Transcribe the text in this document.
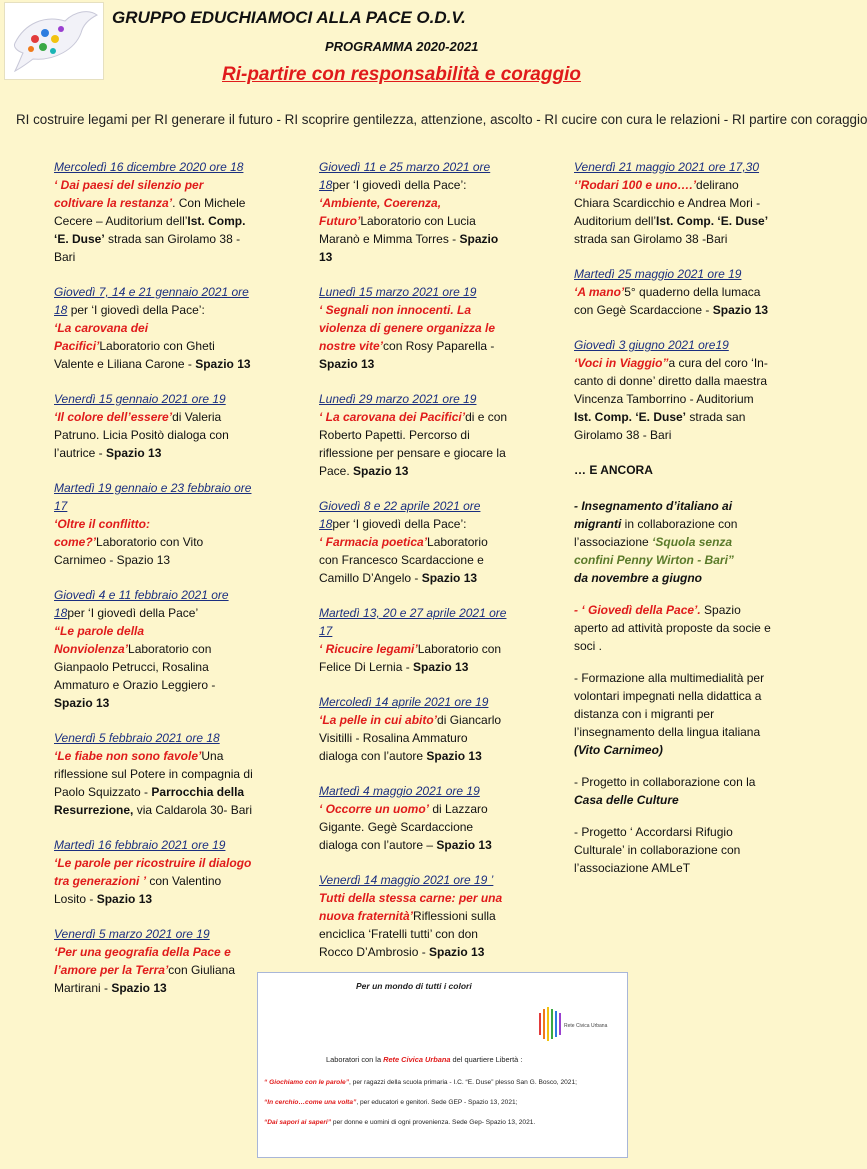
GRUPPO EDUCHIAMOCI ALLA PACE O.D.V.
PROGRAMMA 2020-2021
Ri-partire con responsabilità e coraggio
RI costruire legami per RI generare il futuro - RI scoprire gentilezza, attenzione, ascolto - RI cucire con cura le relazioni - RI partire con coraggio
Mercoledì 16 dicembre 2020 ore 18
‘ Dai paesi del silenzio per coltivare la restanza’. Con Michele Cecere – Auditorium dell’Ist. Comp. ‘E. Duse’ strada san Girolamo 38 -Bari
Giovedì 7, 14 e 21 gennaio 2021 ore 18 per ‘I giovedì della Pace’:
‘La carovana dei Pacifici’Laboratorio con Gheti Valente e Liliana Carone - Spazio 13
Venerdì 15 gennaio 2021 ore 19
‘Il colore dell’essere’di Valeria Patruno. Licia Positò dialoga con l’autrice - Spazio 13
Martedì 19 gennaio e 23 febbraio ore 17
‘Oltre il conflitto: come?’Laboratorio con Vito Carnimeo - Spazio 13
Giovedì 4 e 11 febbraio 2021 ore 18per ‘I giovedì della Pace’
“Le parole della Nonviolenza’Laboratorio con Gianpaolo Petrucci, Rosalina Ammaturo e Orazio Leggiero - Spazio 13
Venerdì 5 febbraio 2021 ore 18
‘Le fiabe non sono favole’Una riflessione sul Potere in compagnia di Paolo Squizzato - Parrocchia della Resurrezione, via Caldarola 30- Bari
Martedì 16 febbraio 2021 ore 19
‘Le parole per ricostruire il dialogo tra generazioni ’ con Valentino Losito - Spazio 13
Venerdì 5 marzo 2021 ore 19
‘Per una geografia della Pace e l’amore per la Terra’con Giuliana Martirani - Spazio 13
Giovedì 11 e 25 marzo 2021 ore 18per ‘I giovedì della Pace’:
‘Ambiente, Coerenza, Futuro’Laboratorio con Lucia Maranò e Mimma Torres - Spazio 13
Lunedì 15 marzo 2021 ore 19
‘ Segnali non innocenti. La violenza di genere organizza le nostre vite’con Rosy Paparella - Spazio 13
Lunedì 29 marzo 2021 ore 19
‘ La carovana dei Pacifici’di e con Roberto Papetti. Percorso di riflessione per pensare e giocare la Pace. Spazio 13
Giovedì 8 e 22 aprile 2021 ore 18per ‘I giovedì della Pace’:
‘ Farmacia poetica’Laboratorio con Francesco Scardaccione e Camillo D’Angelo - Spazio 13
Martedì 13, 20 e 27 aprile 2021 ore 17
‘ Ricucire legami’Laboratorio con Felice Di Lernia - Spazio 13
Mercoledì 14 aprile 2021 ore 19
‘La pelle in cui abito’di Giancarlo Visitilli - Rosalina Ammaturo dialoga con l’autore Spazio 13
Martedì 4 maggio 2021 ore 19
‘ Occorre un uomo’ di Lazzaro Gigante. Gegè Scardaccione dialoga con l’autore – Spazio 13
Venerdì 14 maggio 2021 ore 19 ’
Tutti della stessa carne: per una nuova fraternità’Riflessioni sulla enciclica ‘Fratelli tutti’ con don Rocco D’Ambrosio - Spazio 13
Venerdì 21 maggio 2021 ore 17,30
‘’Rodari 100 e uno….’delirano Chiara Scardicchio e Andrea Mori - Auditorium dell’Ist. Comp. ‘E. Duse’ strada san Girolamo 38 -Bari
Martedì 25 maggio 2021 ore 19
‘A mano’5° quaderno della lumaca con Gegè Scardaccione - Spazio 13
Giovedì 3 giugno 2021 ore19
‘Voci in Viaggio”a cura del coro ‘In-canto di donne’ diretto dalla maestra Vincenza Tamborrino - Auditorium Ist. Comp. ‘E. Duse’ strada san Girolamo 38 - Bari
… E ANCORA
- Insegnamento d’italiano ai migranti in collaborazione con l’associazione ‘Squola senza confini Penny Wirton - Bari”
da novembre a giugno
- ‘ Giovedì della Pace’. Spazio aperto ad attività proposte da socie e soci .
- Formazione alla multimedialità per volontari impegnati nella didattica a distanza con i migranti per l’insegnamento della lingua italiana (Vito Carnimeo)
- Progetto in collaborazione con la Casa delle Culture
- Progetto ‘ Accordarsi Rifugio Culturale’ in collaborazione con l’associazione AMLeT
Per un mondo di tutti i colori
Rete Civica Urbana
Laboratori con la Rete Civica Urbana del quartiere Libertà :
“ Giochiamo con le parole”, per ragazzi della scuola primaria - I.C. “E. Duse” plesso San G. Bosco, 2021;
“In cerchio…come una volta”, per educatori e genitori. Sede GEP - Spazio 13, 2021;
“Dai sapori ai saperi” per donne e uomini di ogni provenienza. Sede Gep- Spazio 13, 2021.
